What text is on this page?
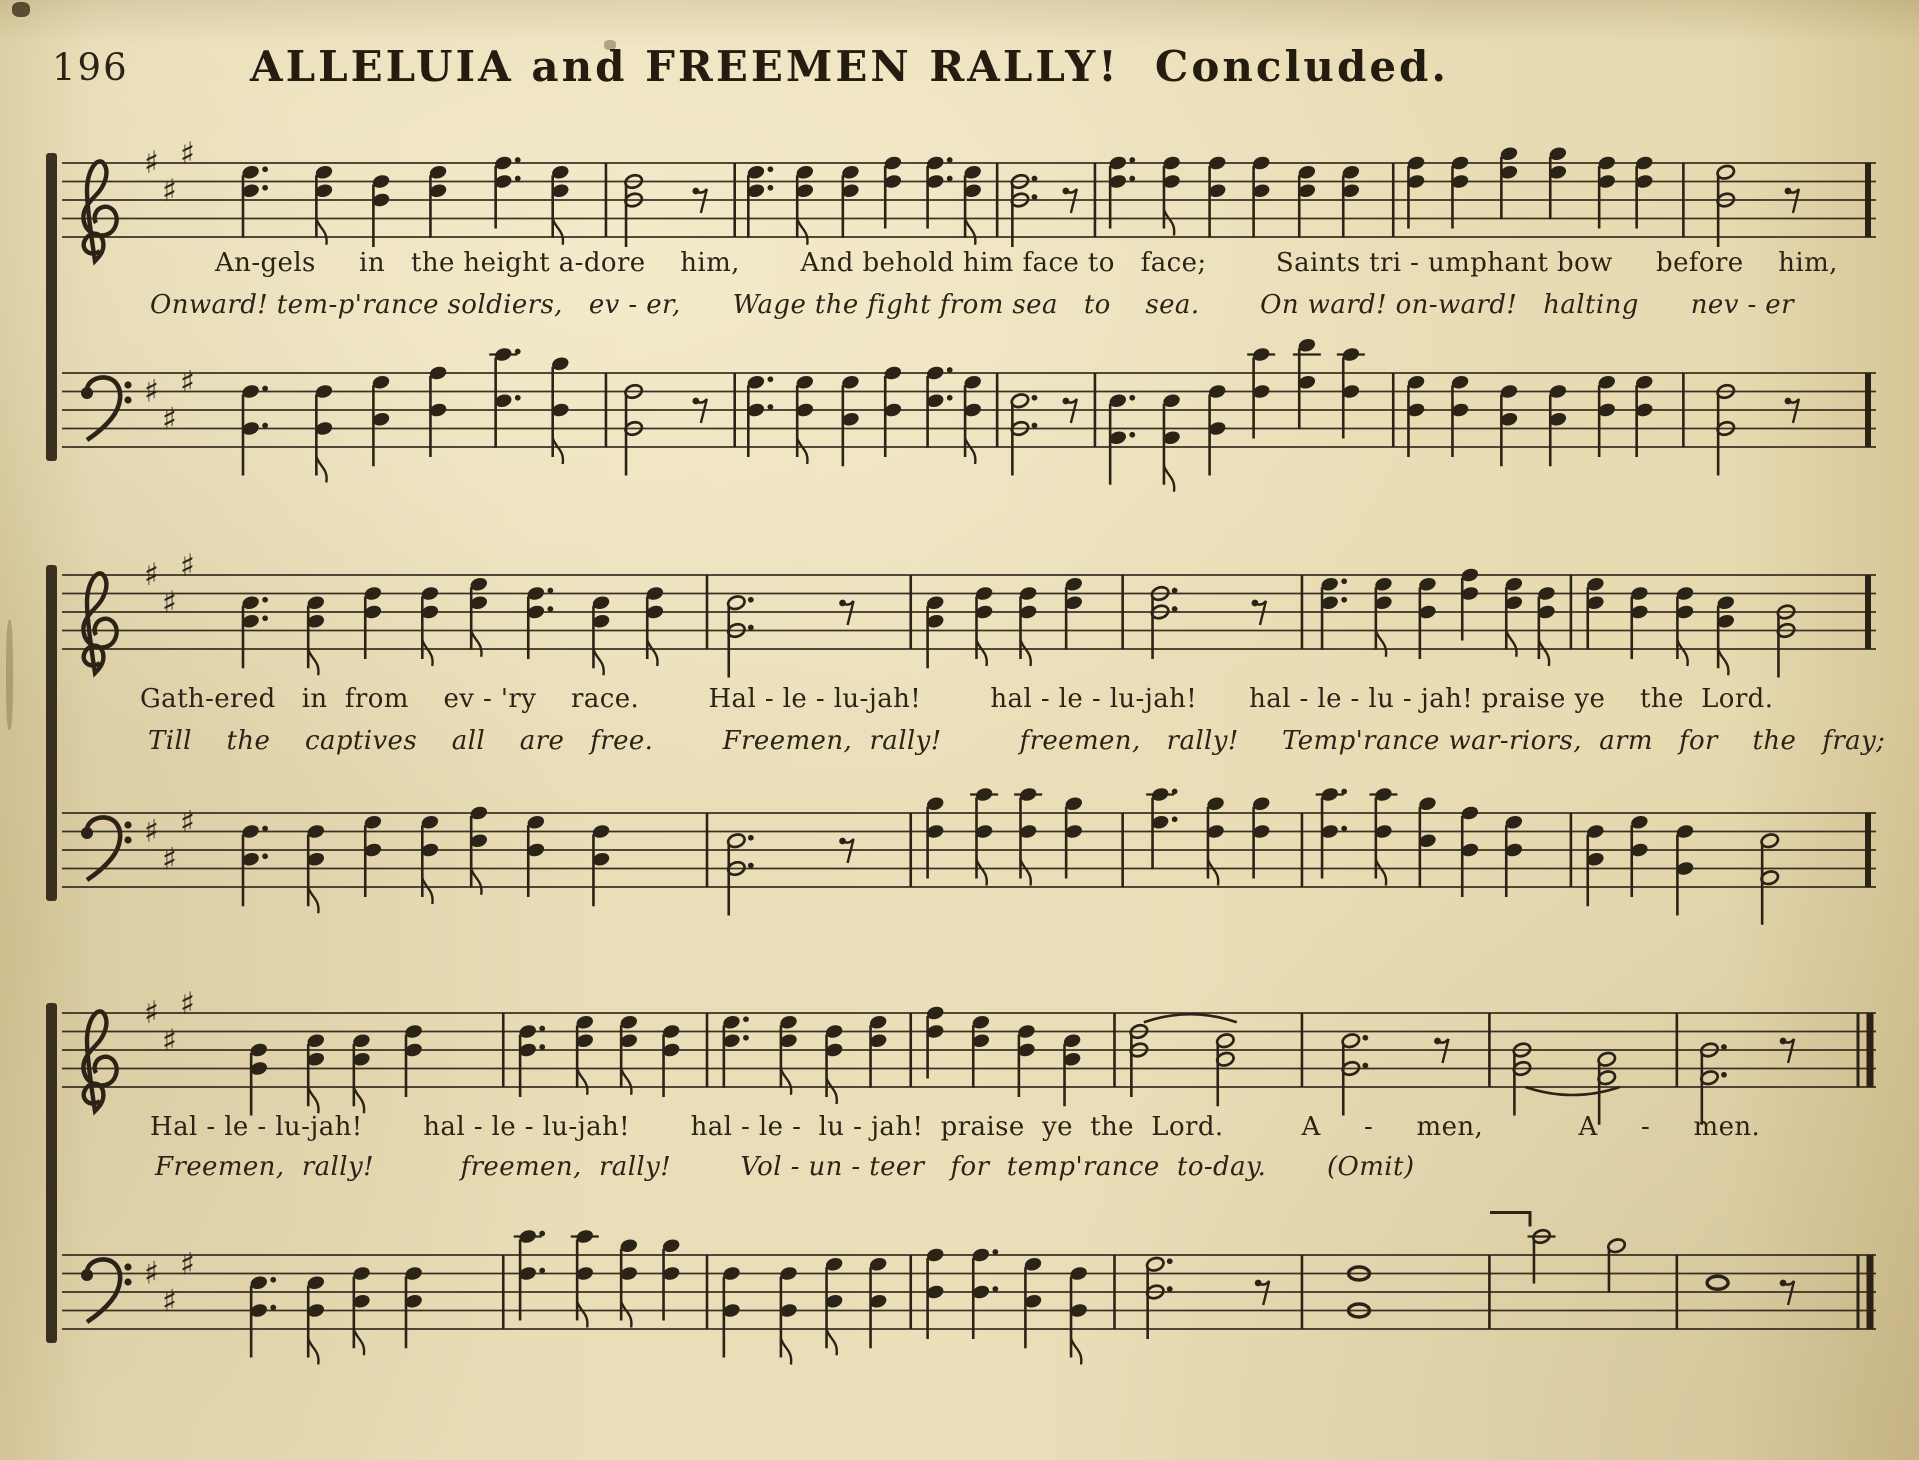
196	ALLELUIA and FREEMEN RALLY!  Concluded.
An-gels     in   the height a-dore    him,       And behold him face to   face;        Saints tri - umphant bow     before    him,
Onward! tem-p'rance soldiers,   ev - er,      Wage the fight from sea   to    sea.       On ward! on-ward!   halting      nev - er
Gath-ered   in  from    ev - 'ry    race.        Hal - le - lu-jah!        hal - le - lu-jah!      hal - le - lu - jah! praise ye    the  Lord.
Till    the    captives    all    are   free.        Freemen,  rally!         freemen,   rally!     Temp'rance war-riors,  arm   for    the   fray;
Hal - le - lu-jah!       hal - le - lu-jah!       hal - le -  lu - jah!  praise  ye  the  Lord.         A     -     men,           A     -     men.
Freemen,  rally!          freemen,  rally!        Vol - un - teer   for  temp'rance  to-day.       (Omit)
♯
♯
♯
♯
♯
♯
♯
♯
♯
♯
♯
♯
♯
♯
♯
♯
♯
♯
